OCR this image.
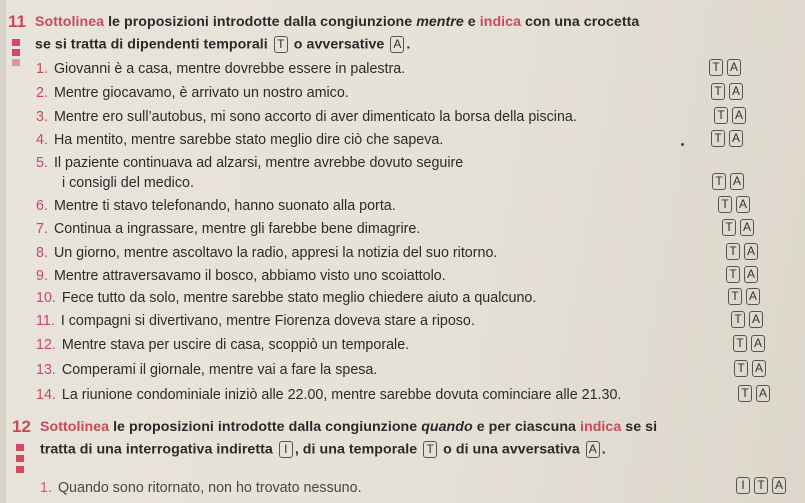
11 Sottolinea le proposizioni introdotte dalla congiunzione mentre e indica con una crocetta
se si tratta di dipendenti temporali T o avversative A .
1. Giovanni è a casa, mentre dovrebbe essere in palestra.	T A
2. Mentre giocavamo, è arrivato un nostro amico.	T A
3. Mentre ero sull’autobus, mi sono accorto di aver dimenticato la borsa della piscina.	T A
4. Ha mentito, mentre sarebbe stato meglio dire ciò che sapeva.	T A
5. Il paziente continuava ad alzarsi, mentre avrebbe dovuto seguire
i consigli del medico.	T A
6. Mentre ti stavo telefonando, hanno suonato alla porta.	T A
7. Continua a ingrassare, mentre gli farebbe bene dimagrire.	T A
8. Un giorno, mentre ascoltavo la radio, appresi la notizia del suo ritorno.	T A
9. Mentre attraversavamo il bosco, abbiamo visto uno scoiattolo.	T A
10. Fece tutto da solo, mentre sarebbe stato meglio chiedere aiuto a qualcuno.	T A
11. I compagni si divertivano, mentre Fiorenza doveva stare a riposo.	T A
12. Mentre stava per uscire di casa, scoppiò un temporale.	T A
13. Comperami il giornale, mentre vai a fare la spesa.	T A
14. La riunione condominiale iniziò alle 22.00, mentre sarebbe dovuta cominciare alle 21.30.	T A
12 Sottolinea le proposizioni introdotte dalla congiunzione quando e per ciascuna indica se si
tratta di una interrogativa indiretta I , di una temporale T o di una avversativa A .
1. Quando sono ritornato, non ho trovato nessuno.	I T A
